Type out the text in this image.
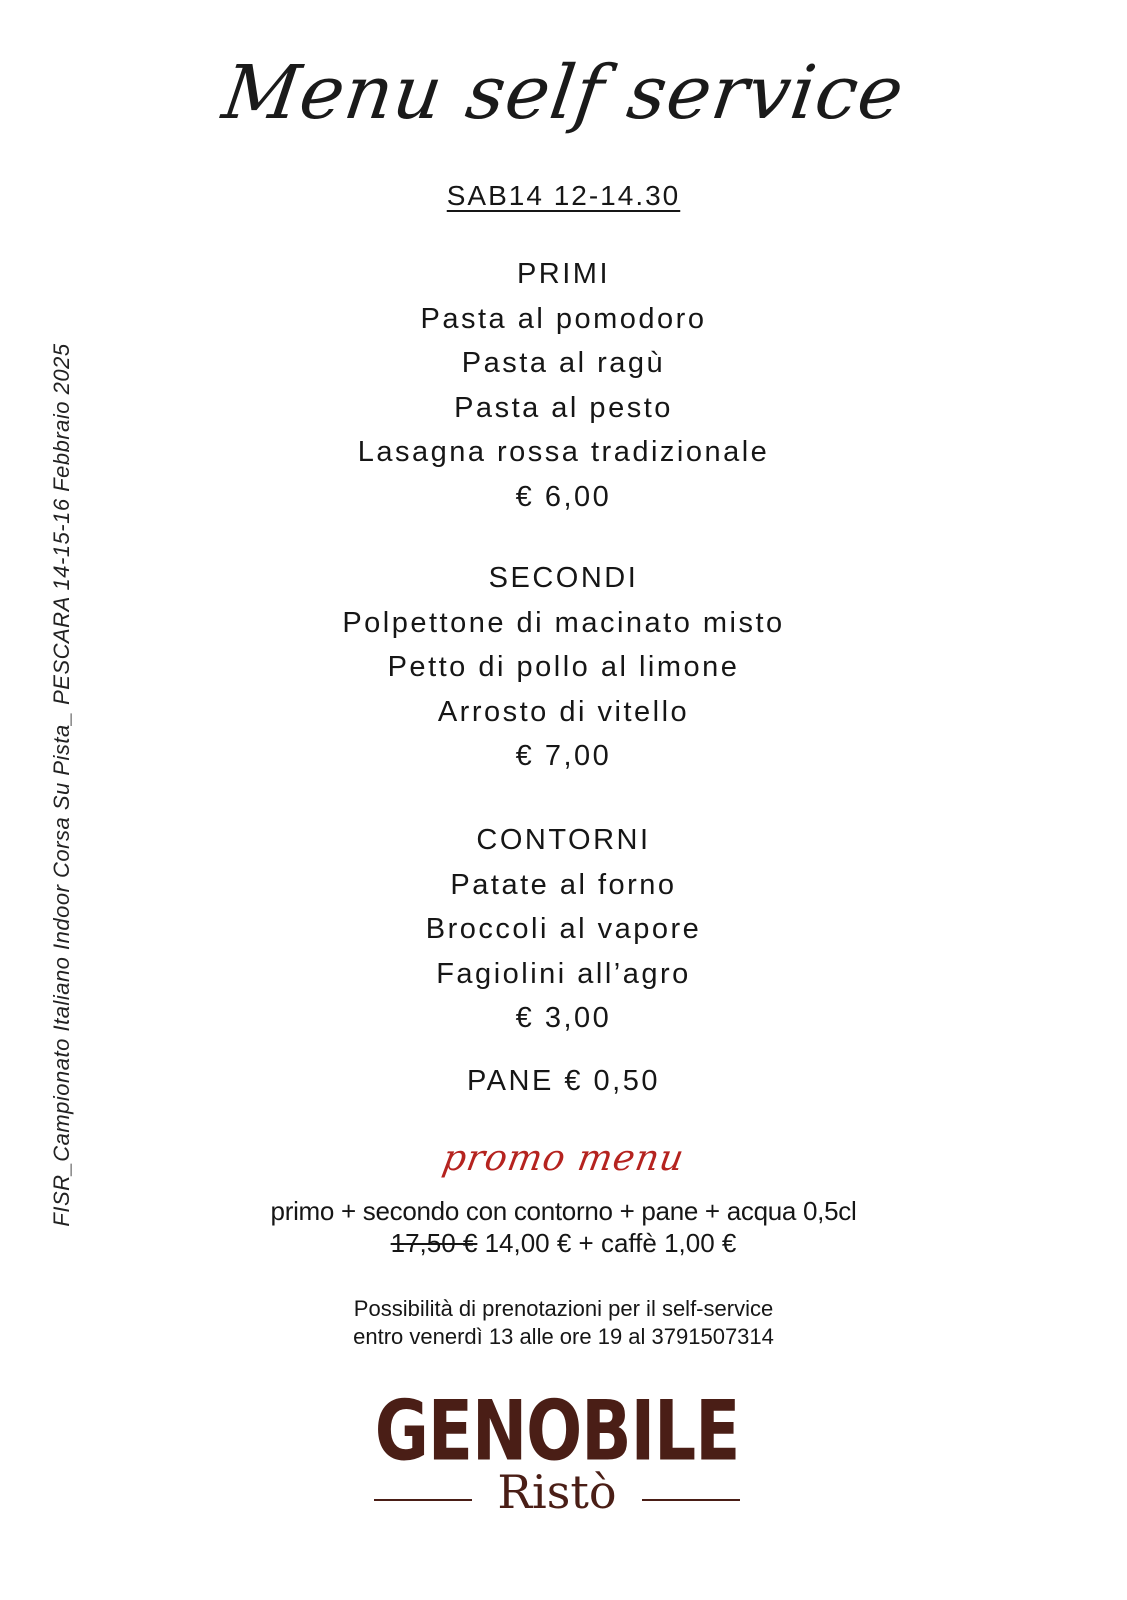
FISR_Campionato Italiano Indoor Corsa Su Pista_ PESCARA 14-15-16 Febbraio 2025
Menu self service
SAB14 12-14.30
PRIMI
Pasta al pomodoro
Pasta al ragù
Pasta al pesto
Lasagna rossa tradizionale
€ 6,00
SECONDI
Polpettone di macinato misto
Petto di pollo al limone
Arrosto di vitello
€ 7,00
CONTORNI
Patate al forno
Broccoli al vapore
Fagiolini all’agro
€ 3,00
PANE € 0,50
promo menu
primo + secondo con contorno + pane + acqua 0,5cl
17,50 € 14,00 € + caffè 1,00 €
Possibilità di prenotazioni per il self-service
entro venerdì 13 alle ore 19 al 3791507314
GENOBILE
Ristò
